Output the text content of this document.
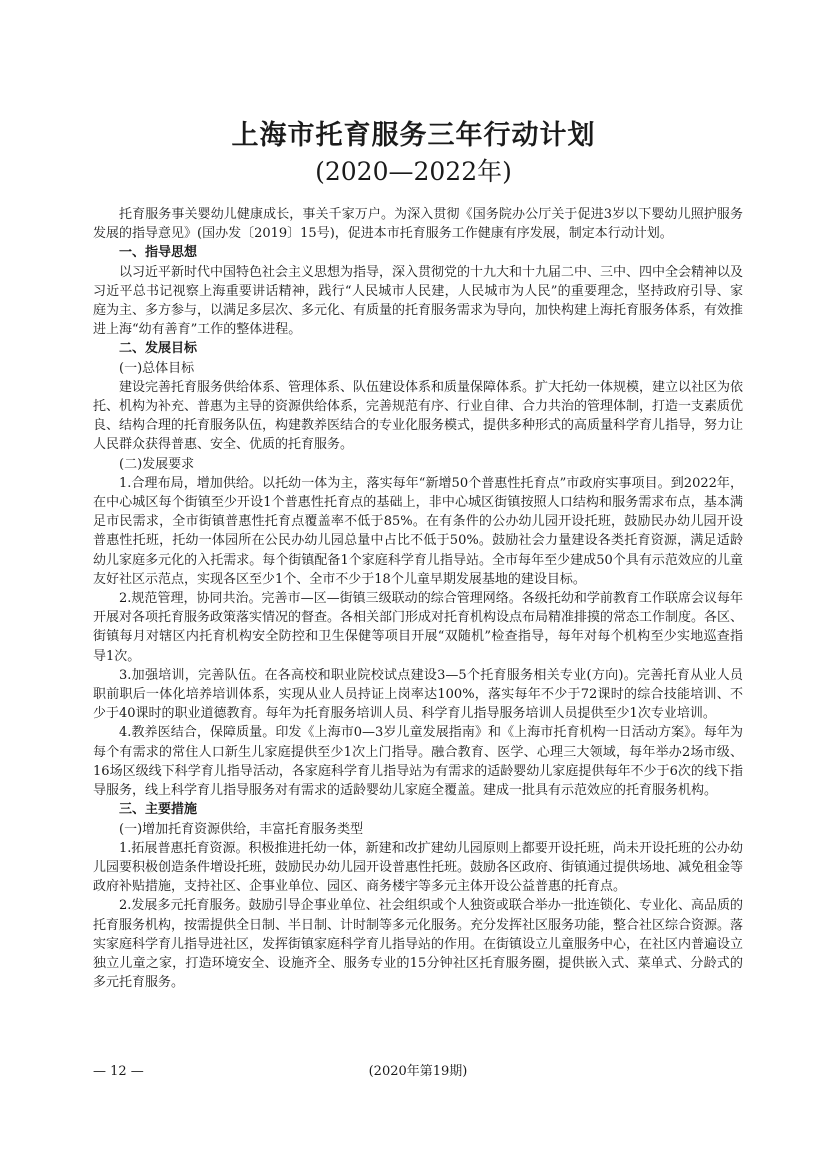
上海市托育服务三年行动计划
(2020—2022年)

托育服务事关婴幼儿健康成长，事关千家万户。为深入贯彻《国务院办公厅关于促进3岁以下婴幼儿照护服务发展的指导意见》(国办发〔2019〕15号)，促进本市托育服务工作健康有序发展，制定本行动计划。

一、指导思想

以习近平新时代中国特色社会主义思想为指导，深入贯彻党的十九大和十九届二中、三中、四中全会精神以及习近平总书记视察上海重要讲话精神，践行“人民城市人民建，人民城市为人民”的重要理念，坚持政府引导、家庭为主、多方参与，以满足多层次、多元化、有质量的托育服务需求为导向，加快构建上海托育服务体系，有效推进上海“幼有善育”工作的整体进程。

二、发展目标
(一)总体目标

建设完善托育服务供给体系、管理体系、队伍建设体系和质量保障体系。扩大托幼一体规模，建立以社区为依托、机构为补充、普惠为主导的资源供给体系，完善规范有序、行业自律、合力共治的管理体制，打造一支素质优良、结构合理的托育服务队伍，构建教养医结合的专业化服务模式，提供多种形式的高质量科学育儿指导，努力让人民群众获得普惠、安全、优质的托育服务。

(二)发展要求

1.合理布局，增加供给。以托幼一体为主，落实每年“新增50个普惠性托育点”市政府实事项目。到2022年，在中心城区每个街镇至少开设1个普惠性托育点的基础上，非中心城区街镇按照人口结构和服务需求布点，基本满足市民需求，全市街镇普惠性托育点覆盖率不低于85%。在有条件的公办幼儿园开设托班，鼓励民办幼儿园开设普惠性托班，托幼一体园所在公民办幼儿园总量中占比不低于50%。鼓励社会力量建设各类托育资源，满足适龄幼儿家庭多元化的入托需求。每个街镇配备1个家庭科学育儿指导站。全市每年至少建成50个具有示范效应的儿童友好社区示范点，实现各区至少1个、全市不少于18个儿童早期发展基地的建设目标。

2.规范管理，协同共治。完善市—区—街镇三级联动的综合管理网络。各级托幼和学前教育工作联席会议每年开展对各项托育服务政策落实情况的督查。各相关部门形成对托育机构设点布局精准排摸的常态工作制度。各区、街镇每月对辖区内托育机构安全防控和卫生保健等项目开展“双随机”检查指导，每年对每个机构至少实地巡查指导1次。

3.加强培训，完善队伍。在各高校和职业院校试点建设3—5个托育服务相关专业(方向)。完善托育从业人员职前职后一体化培养培训体系，实现从业人员持证上岗率达100%，落实每年不少于72课时的综合技能培训、不少于40课时的职业道德教育。每年为托育服务培训人员、科学育儿指导服务培训人员提供至少1次专业培训。

4.教养医结合，保障质量。印发《上海市0—3岁儿童发展指南》和《上海市托育机构一日活动方案》。每年为每个有需求的常住人口新生儿家庭提供至少1次上门指导。融合教育、医学、心理三大领域，每年举办2场市级、16场区级线下科学育儿指导活动，各家庭科学育儿指导站为有需求的适龄婴幼儿家庭提供每年不少于6次的线下指导服务，线上科学育儿指导服务对有需求的适龄婴幼儿家庭全覆盖。建成一批具有示范效应的托育服务机构。

三、主要措施
(一)增加托育资源供给，丰富托育服务类型

1.拓展普惠托育资源。积极推进托幼一体，新建和改扩建幼儿园原则上都要开设托班，尚未开设托班的公办幼儿园要积极创造条件增设托班，鼓励民办幼儿园开设普惠性托班。鼓励各区政府、街镇通过提供场地、减免租金等政府补贴措施，支持社区、企事业单位、园区、商务楼宇等多元主体开设公益普惠的托育点。

2.发展多元托育服务。鼓励引导企事业单位、社会组织或个人独资或联合举办一批连锁化、专业化、高品质的托育服务机构，按需提供全日制、半日制、计时制等多元化服务。充分发挥社区服务功能，整合社区综合资源。落实家庭科学育儿指导进社区，发挥街镇家庭科学育儿指导站的作用。在街镇设立儿童服务中心，在社区内普遍设立独立儿童之家，打造环境安全、设施齐全、服务专业的15分钟社区托育服务圈，提供嵌入式、菜单式、分龄式的多元托育服务。

— 12 —	(2020年第19期)
